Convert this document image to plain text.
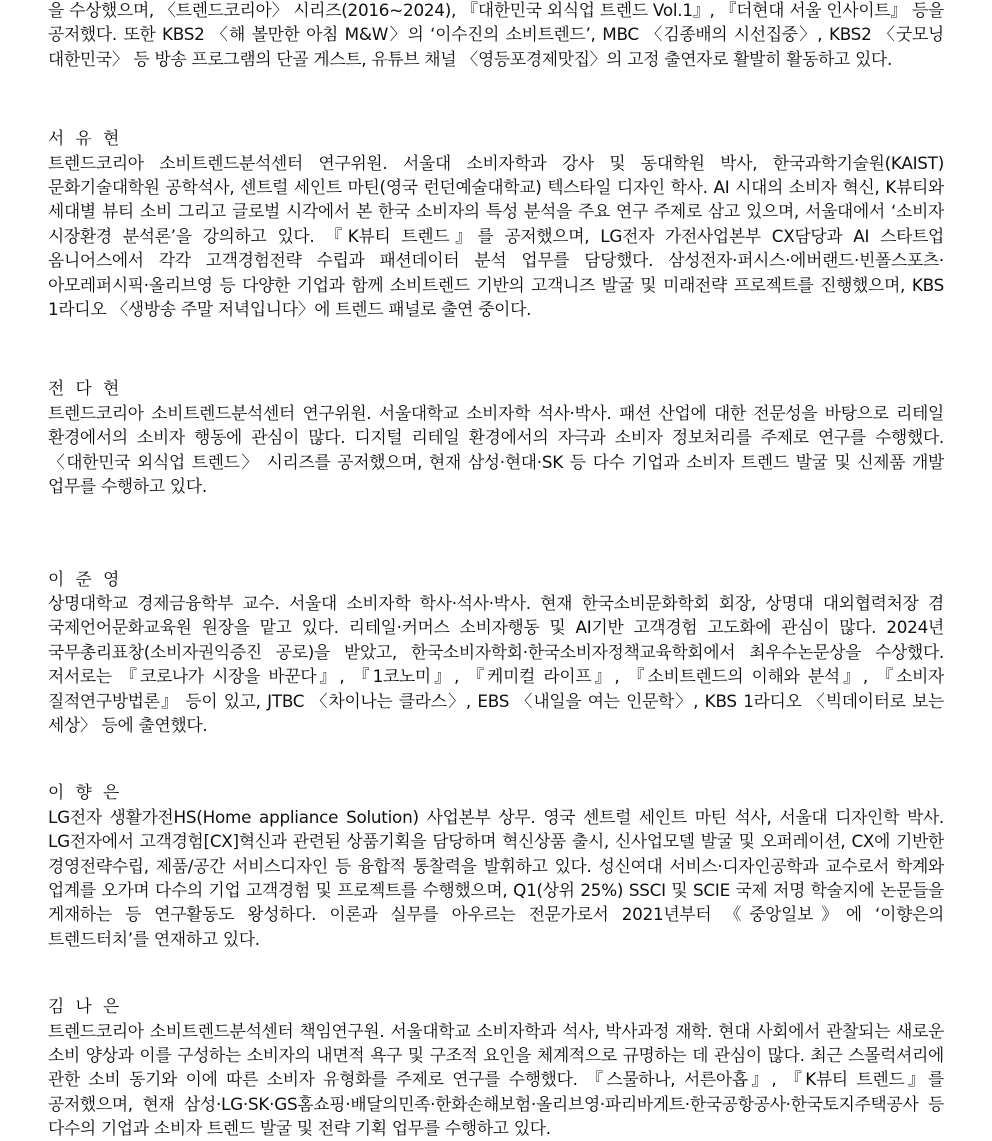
을 수상했으며, 〈트렌드코리아〉 시리즈(2016~2024), 『대한민국 외식업 트렌드 Vol.1』, 『더현대 서울 인사이트』 등을 공저했다. 또한 KBS2 〈해 볼만한 아침 M&W〉의 ‘이수진의 소비트렌드’, MBC 〈김종배의 시선집중〉, KBS2 〈굿모닝 대한민국〉 등 방송 프로그램의 단골 게스트, 유튜브 채널 〈영등포경제맛집〉의 고정 출연자로 활발히 활동하고 있다.

서 유 현

트렌드코리아 소비트렌드분석센터 연구위원. 서울대 소비자학과 강사 및 동대학원 박사, 한국과학기술원(KAIST) 문화기술대학원 공학석사, 센트럴 세인트 마틴(영국 런던예술대학교) 텍스타일 디자인 학사. AI 시대의 소비자 혁신, K뷰티와 세대별 뷰티 소비 그리고 글로벌 시각에서 본 한국 소비자의 특성 분석을 주요 연구 주제로 삼고 있으며, 서울대에서 ‘소비자 시장환경 분석론’을 강의하고 있다. 『K뷰티 트렌드』를 공저했으며, LG전자 가전사업본부 CX담당과 AI 스타트업 옴니어스에서 각각 고객경험전략 수립과 패션데이터 분석 업무를 담당했다. 삼성전자·퍼시스·에버랜드·빈폴스포츠·아모레퍼시픽·올리브영 등 다양한 기업과 함께 소비트렌드 기반의 고객니즈 발굴 및 미래전략 프로젝트를 진행했으며, KBS 1라디오 〈생방송 주말 저녁입니다〉에 트렌드 패널로 출연 중이다.

전 다 현

트렌드코리아 소비트렌드분석센터 연구위원. 서울대학교 소비자학 석사·박사. 패션 산업에 대한 전문성을 바탕으로 리테일 환경에서의 소비자 행동에 관심이 많다. 디지털 리테일 환경에서의 자극과 소비자 정보처리를 주제로 연구를 수행했다. 〈대한민국 외식업 트렌드〉 시리즈를 공저했으며, 현재 삼성·현대·SK 등 다수 기업과 소비자 트렌드 발굴 및 신제품 개발 업무를 수행하고 있다.

이 준 영

상명대학교 경제금융학부 교수. 서울대 소비자학 학사·석사·박사. 현재 한국소비문화학회 회장, 상명대 대외협력처장 겸 국제언어문화교육원 원장을 맡고 있다. 리테일·커머스 소비자행동 및 AI기반 고객경험 고도화에 관심이 많다. 2024년 국무총리표창(소비자권익증진 공로)을 받았고, 한국소비자학회·한국소비자정책교육학회에서 최우수논문상을 수상했다. 저서로는 『코로나가 시장을 바꾼다』, 『1코노미』, 『케미컬 라이프』, 『소비트렌드의 이해와 분석』, 『소비자 질적연구방법론』 등이 있고, JTBC 〈차이나는 클라스〉, EBS 〈내일을 여는 인문학〉, KBS 1라디오 〈빅데이터로 보는 세상〉 등에 출연했다.

이 향 은

LG전자 생활가전HS(Home appliance Solution) 사업본부 상무. 영국 센트럴 세인트 마틴 석사, 서울대 디자인학 박사. LG전자에서 고객경험[CX]혁신과 관련된 상품기획을 담당하며 혁신상품 출시, 신사업모델 발굴 및 오퍼레이션, CX에 기반한 경영전략수립, 제품/공간 서비스디자인 등 융합적 통찰력을 발휘하고 있다. 성신여대 서비스·디자인공학과 교수로서 학계와 업계를 오가며 다수의 기업 고객경험 및 프로젝트를 수행했으며, Q1(상위 25%) SSCI 및 SCIE 국제 저명 학술지에 논문들을 게재하는 등 연구활동도 왕성하다. 이론과 실무를 아우르는 전문가로서 2021년부터 《중앙일보》에 ‘이향은의 트렌드터치’를 연재하고 있다.

김 나 은

트렌드코리아 소비트렌드분석센터 책임연구원. 서울대학교 소비자학과 석사, 박사과정 재학. 현대 사회에서 관찰되는 새로운 소비 양상과 이를 구성하는 소비자의 내면적 욕구 및 구조적 요인을 체계적으로 규명하는 데 관심이 많다. 최근 스몰럭셔리에 관한 소비 동기와 이에 따른 소비자 유형화를 주제로 연구를 수행했다. 『스물하나, 서른아홉』, 『K뷰티 트렌드』를 공저했으며, 현재 삼성·LG·SK·GS홈쇼핑·배달의민족·한화손해보험·올리브영·파리바게트·한국공항공사·한국토지주택공사 등 다수의 기업과 소비자 트렌드 발굴 및 전략 기획 업무를 수행하고 있다.
